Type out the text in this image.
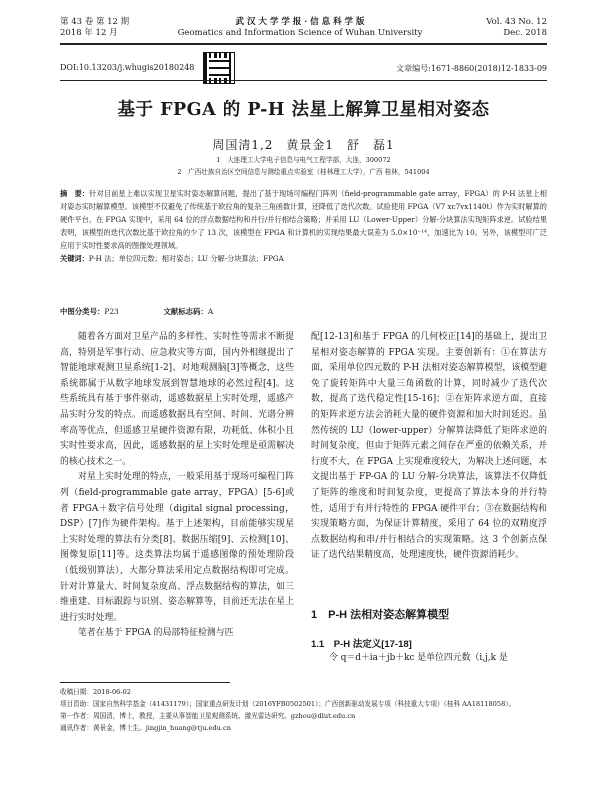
第 43 卷 第 12 期
2018 年 12 月
武 汉 大 学 学 报 · 信 息 科 学 版
Geomatics and Information Science of Wuhan University
Vol. 43 No. 12
Dec. 2018
DOI:10.13203/j.whugis20180248	文章编号:1671-8860(2018)12-1833-09
基于 FPGA 的 P-H 法星上解算卫星相对姿态
周国清1,2　黄景金1　舒　磊1
1　大连理工大学电子信息与电气工程学部，大连，300072
2　广西壮族自治区空间信息与测绘重点实验室（桂林理工大学），广西 桂林，541004
摘　要：针对目前星上难以实现卫星实时姿态解算问题，提出了基于现场可编程门阵列（field-programmable gate array，FPGA）的 P-H 法星上相对姿态实时解算模型。该模型不仅避免了传统基于欧拉角的复杂三角函数计算，还降低了迭代次数。试验使用 FPGA（V7 xc7vx1140t）作为实时解算的硬件平台，在 FPGA 实现中，采用 64 位的浮点数据结构和并行/并行相结合策略；并采用 LU（Lower-Upper）分解-分块算法实现矩阵求逆。试验结果表明，该模型的迭代次数比基于欧拉角的少了 13 次，该模型在 FPGA 和计算机的实现结果最大误差为 5.0×10⁻¹⁴，加速比为 10。另外，该模型可广泛应用于实时性要求高的图像处理领域。
关键词：P-H 法；单位四元数；相对姿态；LU 分解-分块算法；FPGA
中图分类号：P23	文献标志码：A

随着各方面对卫星产品的多样性、实时性等需求不断提高，特别是军事行动、应急救灾等方面，国内外相继提出了智能地球观测卫星系统[1-2]、对地观测脑[3]等概念，这些系统都属于从数字地球发展到智慧地球的必然过程[4]。这些系统具有基于事件驱动，遥感数据星上实时处理，遥感产品实时分发的特点。而遥感数据具有空间、时间、光谱分辨率高等优点，但遥感卫星硬件资源有限，功耗低、体积小且实时性要求高，因此，遥感数据的星上实时处理是亟需解决的核心技术之一。

对星上实时处理的特点，一般采用基于现场可编程门阵列（field-programmable gate array，FPGA）[5-6]或者 FPGA＋数字信号处理（digital signal processing，DSP）[7]作为硬件架构。基于上述架构，目前能够实现星上实时处理的算法有分类[8]、数据压缩[9]、云检测[10]、图像复原[11]等。这类算法均属于遥感图像的预处理阶段（低级别算法），大都分算法采用定点数据结构即可完成。针对计算量大、时间复杂度高、浮点数据结构的算法，如三维重建、目标跟踪与识别、姿态解算等，目前还无法在星上进行实时处理。

笔者在基于 FPGA 的局部特征检测与匹

配[12-13]和基于 FPGA 的几何校正[14]的基础上，提出卫星相对姿态解算的 FPGA 实现。主要创新有：①在算法方面，采用单位四元数的 P-H 法相对姿态解算模型，该模型避免了旋转矩阵中大量三角函数的计算，同时减少了迭代次数，提高了迭代稳定性[15-16]；②在矩阵求逆方面，直接的矩阵求逆方法会消耗大量的硬件资源和加大时间延迟。虽然传统的 LU（lower-upper）分解算法降低了矩阵求逆的时间复杂度，但由于矩阵元素之间存在严重的依赖关系，并行度不大，在 FPGA 上实现难度较大，为解决上述问题，本文提出基于 FP-GA 的 LU 分解-分块算法，该算法不仅降低了矩阵的维度和时间复杂度，更提高了算法本身的并行特性，适用于有并行特性的 FPGA 硬件平台；③在数据结构和实现策略方面，为保证计算精度，采用了 64 位的双精度浮点数据结构和串/并行相结合的实现策略。这 3 个创新点保证了迭代结果精度高，处理速度快，硬件资源消耗少。

1　P-H 法相对姿态解算模型
1.1　P-H 法定义[17-18]

令 q＝d＋ia＋jb＋kc 是单位四元数（i,j,k 是

收稿日期：2018-06-02
项目资助：国家自然科学基金（41431179）；国家重点研发计划（2016YFB0502501）；广西创新驱动发展专项（科技重大专项）（桂科 AA18118058）。
第一作者：周国清，博士，教授，主要从事智能卫星观测系统、激光雷达研究。gzhou@dlut.edu.cn
通讯作者：黄景金，博士生。jingjin_huang@tju.edu.cn
